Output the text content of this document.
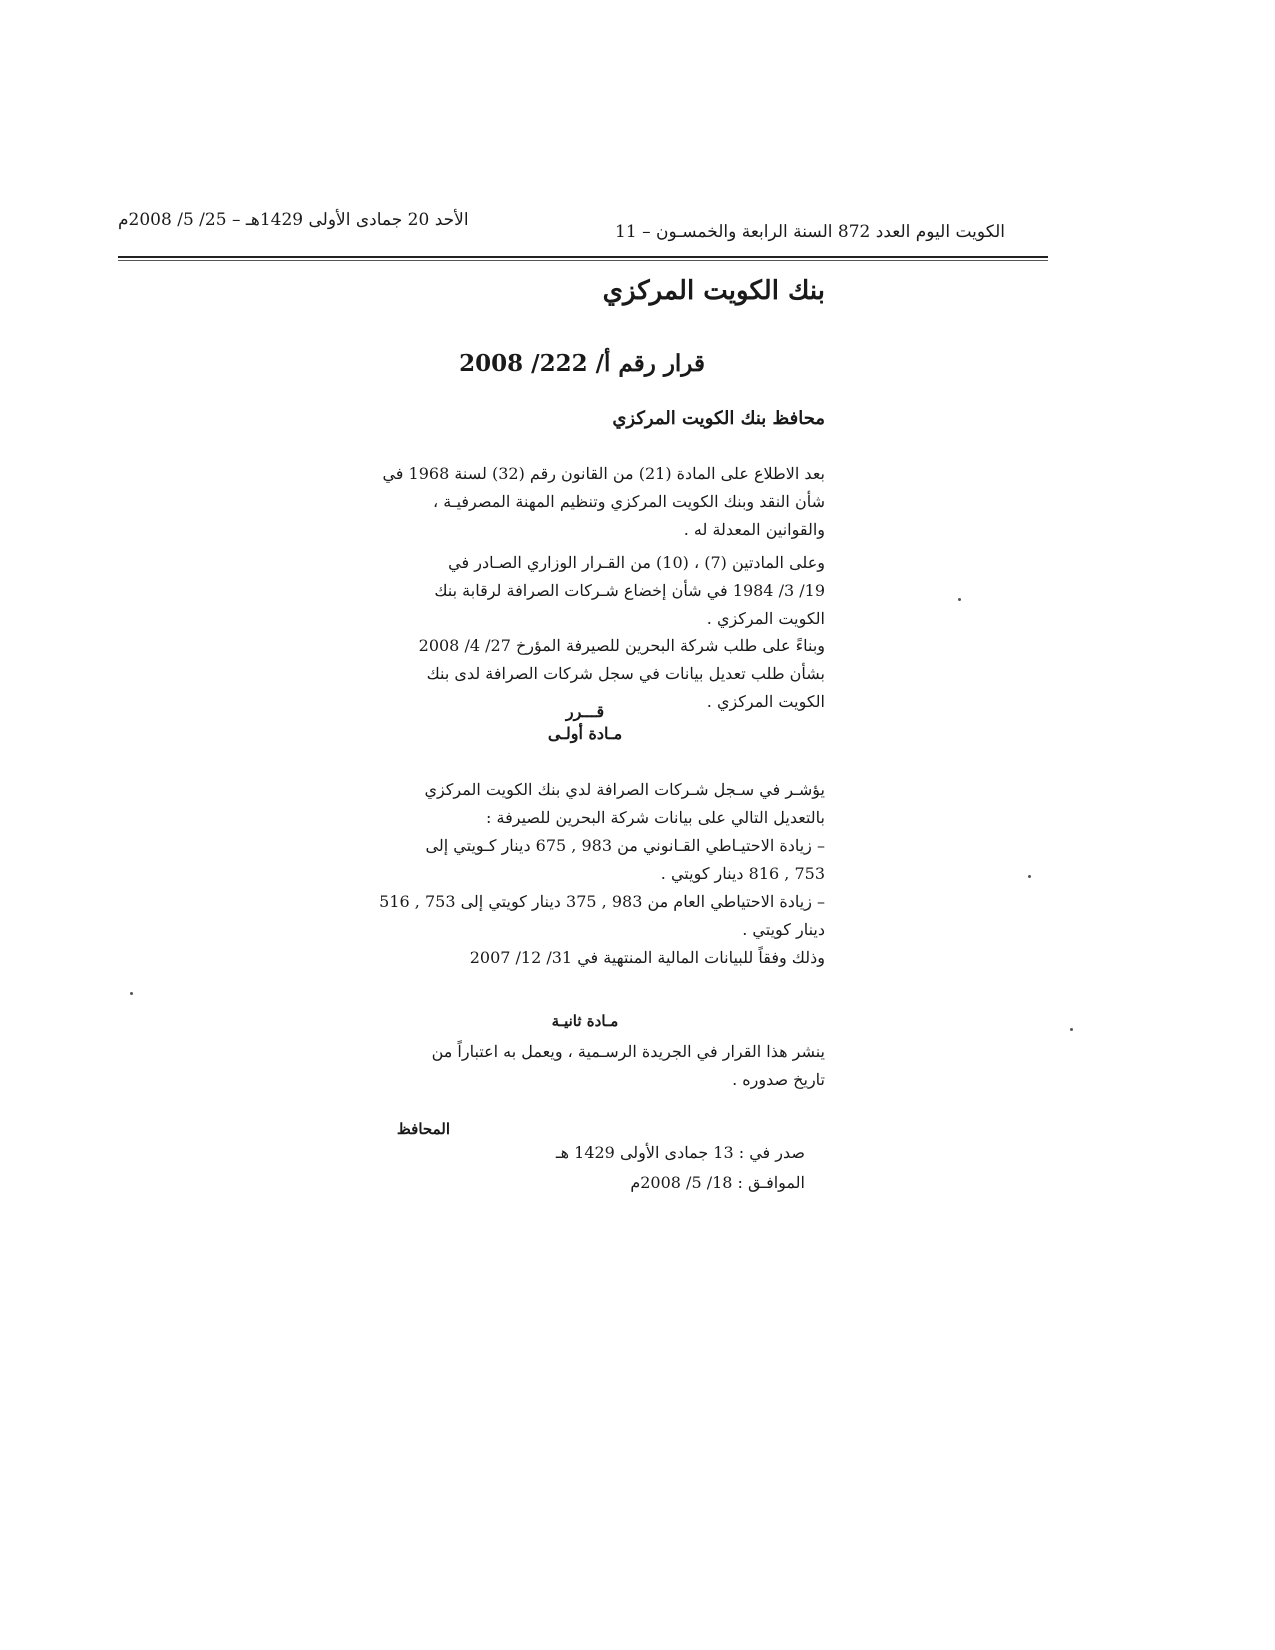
الكويت اليوم العدد 872 السنة الرابعة والخمسـون – 11
الأحد 20 جمادى الأولى 1429هـ – 25/ 5/ 2008م
بنك الكويت المركزي
قرار رقم أ/ 222/ 2008
محافظ بنك الكويت المركزي
بعد الاطلاع على المادة (21) من القانون رقم (32) لسنة 1968 في
شأن النقد وبنك الكويت المركزي وتنظيم المهنة المصرفيـة ،
والقوانين المعدلة له .
وعلى المادتين (7) ، (10) من القـرار الوزاري الصـادر في
19/ 3/ 1984 في شأن إخضاع شـركات الصرافة لرقابة بنك
الكويت المركزي .
وبناءً على طلب شركة البحرين للصيرفة المؤرخ 27/ 4/ 2008
بشأن طلب تعديل بيانات في سجل شركات الصرافة لدى بنك
الكويت المركزي .
قـــرر
مـادة أولـى
يؤشـر في سـجل شـركات الصرافة لدي بنك الكويت المركزي
بالتعديل التالي على بيانات شركة البحرين للصيرفة :
– زيادة الاحتيـاطي القـانوني من 983 , 675 دينار كـويتي إلى
753 , 816 دينار كويتي .
– زيادة الاحتياطي العام من 983 , 375 دينار كويتي إلى 753 , 516
دينار كويتي .
وذلك وفقاً للبيانات المالية المنتهية في 31/ 12/ 2007
مـادة ثانيـة
ينشر هذا القرار في الجريدة الرسـمية ، ويعمل به اعتباراً من
تاريخ صدوره .
المحافظ
صدر في : 13 جمادى الأولى 1429 هـ
الموافـق : 18/ 5/ 2008م
